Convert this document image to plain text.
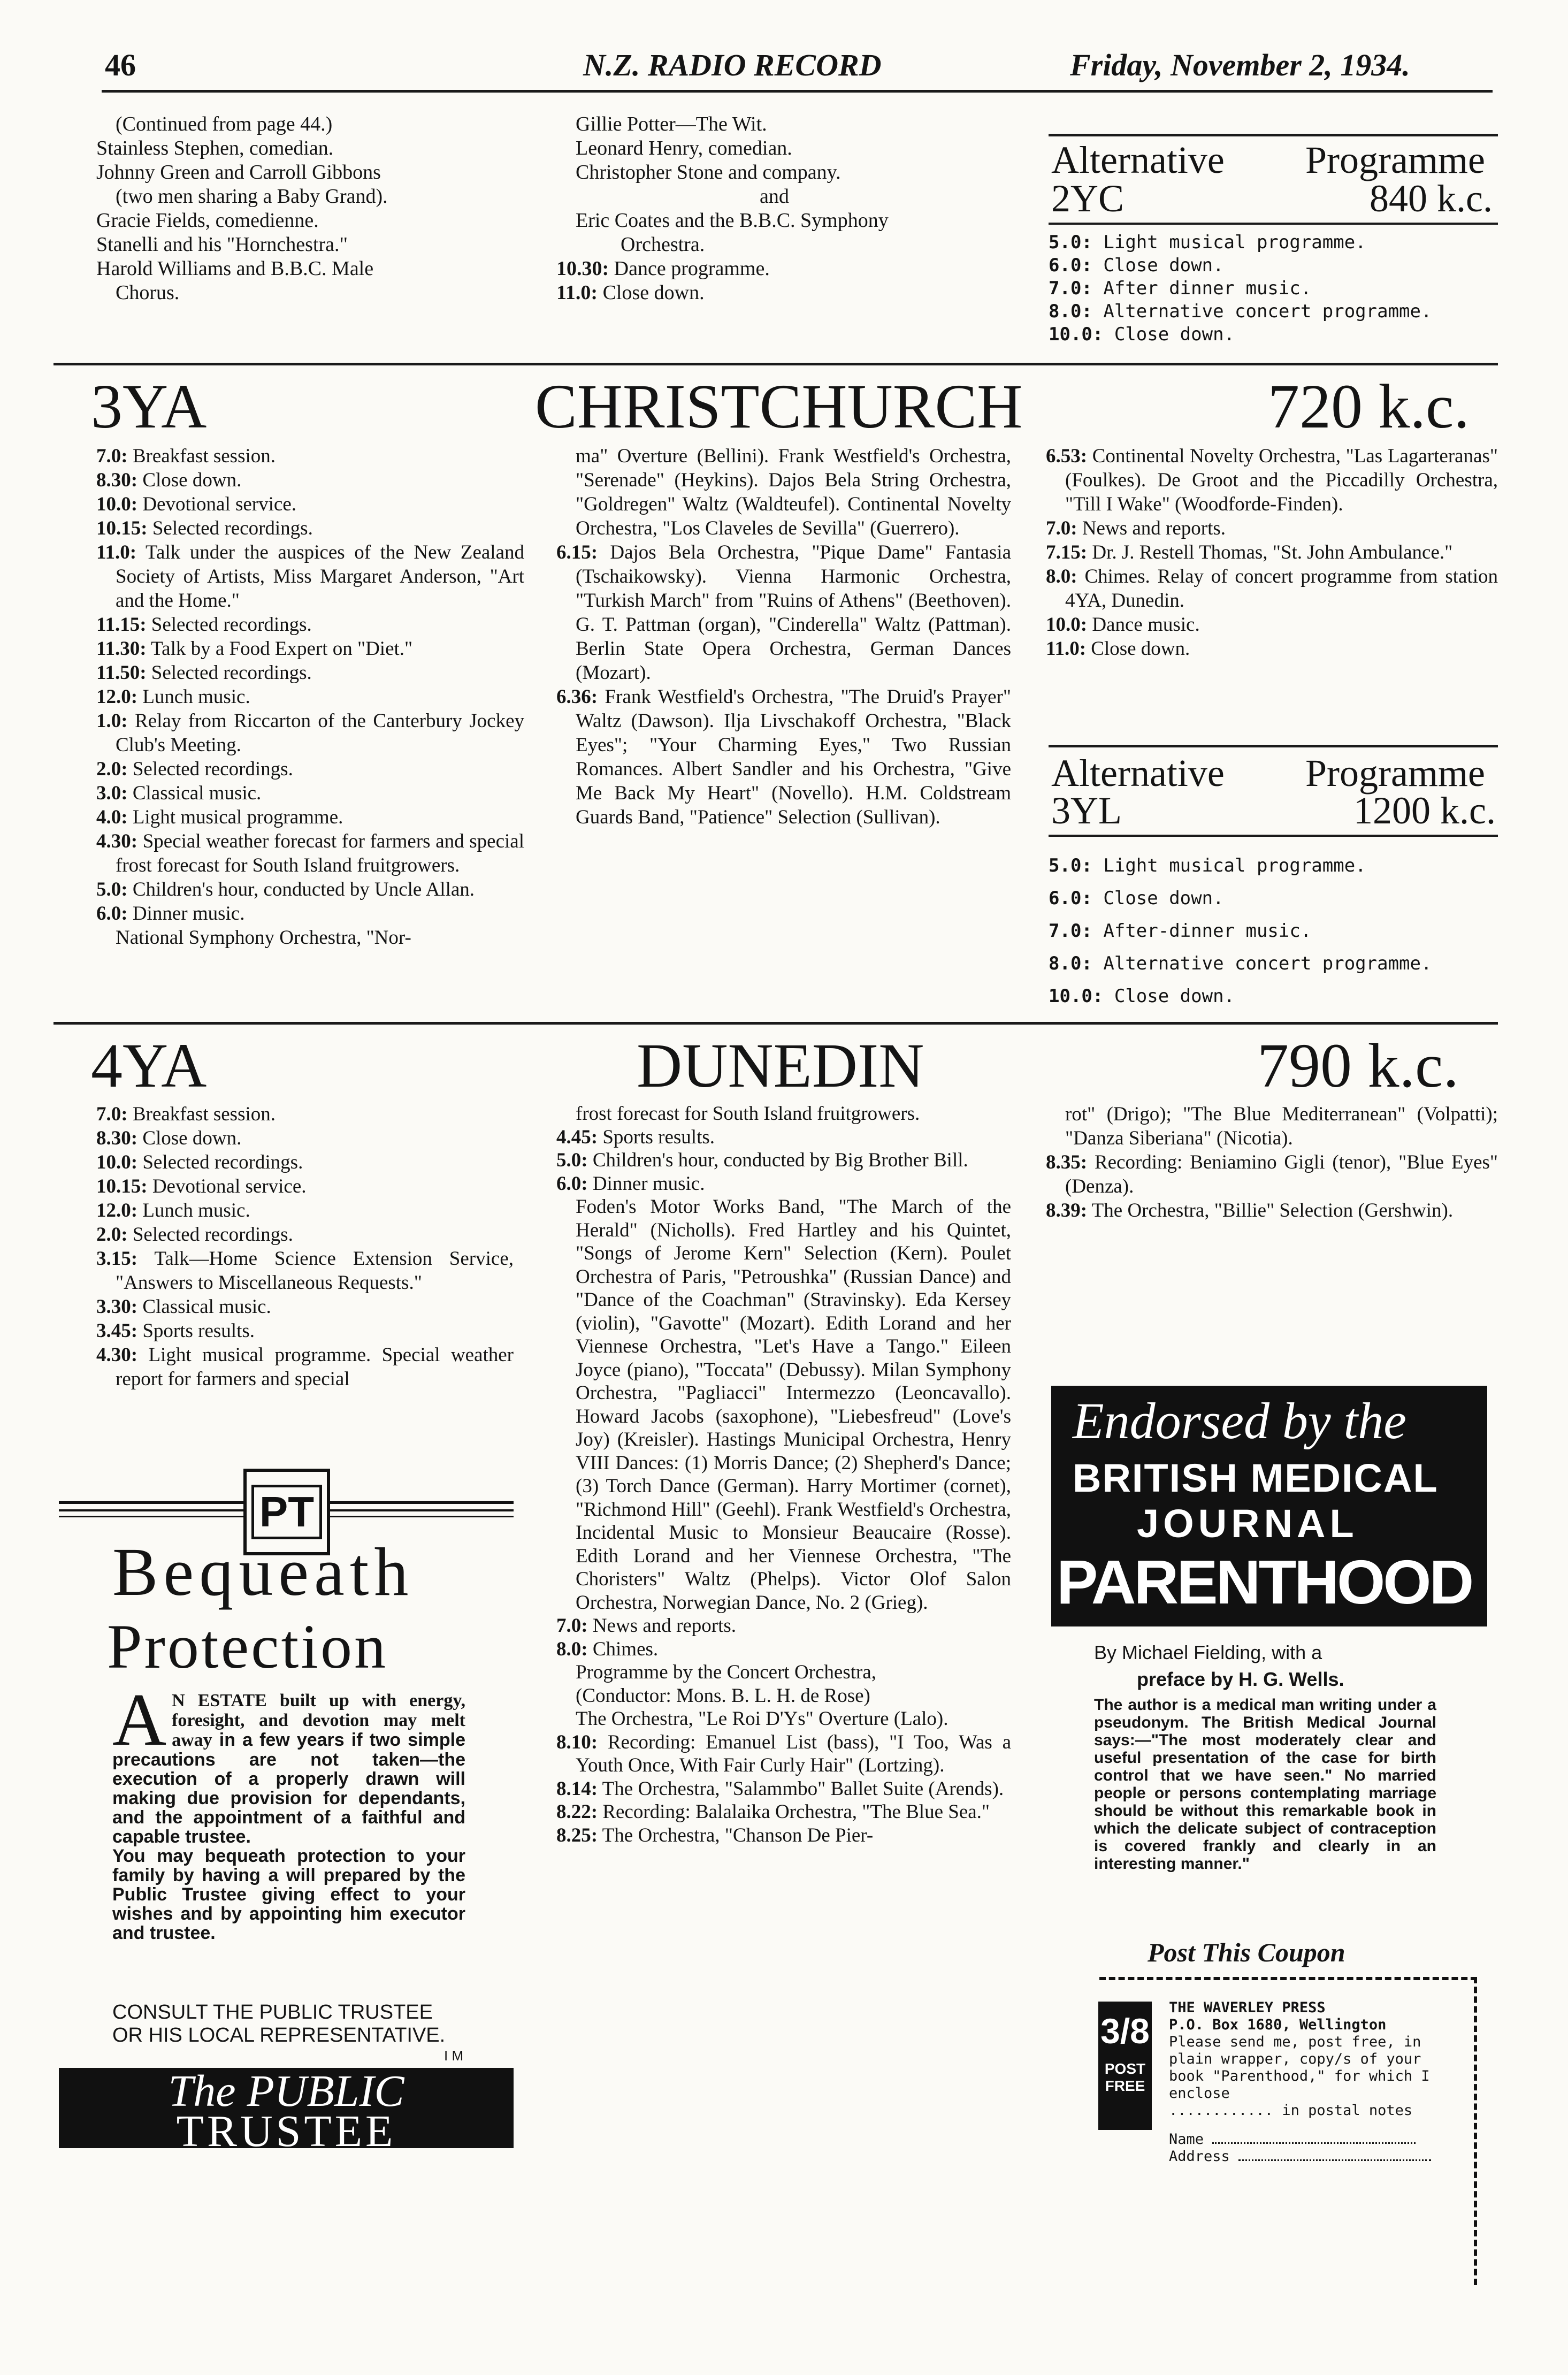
46	N.Z. RADIO RECORD	Friday, November 2, 1934.
(Continued from page 44.)
Stainless Stephen, comedian.
Johnny Green and Carroll Gibbons
(two men sharing a Baby Grand).
Gracie Fields, comedienne.
Stanelli and his "Hornchestra."
Harold Williams and B.B.C. Male
Chorus.
Gillie Potter—The Wit.
Leonard Henry, comedian.
Christopher Stone and company.
and
Eric Coates and the B.B.C. Symphony
Orchestra.
10.30: Dance programme.
11.0: Close down.
Alternative Programme
2YC	840 k.c.
5.0: Light musical programme.
6.0: Close down.
7.0: After dinner music.
8.0: Alternative concert programme.
10.0: Close down.
3YA	CHRISTCHURCH	720 k.c.
7.0: Breakfast session.
8.30: Close down.
10.0: Devotional service.
10.15: Selected recordings.
11.0: Talk under the auspices of the New Zealand Society of Artists, Miss Margaret Anderson, "Art and the Home."
11.15: Selected recordings.
11.30: Talk by a Food Expert on "Diet."
11.50: Selected recordings.
12.0: Lunch music.
1.0: Relay from Riccarton of the Canterbury Jockey Club's Meeting.
2.0: Selected recordings.
3.0: Classical music.
4.0: Light musical programme.
4.30: Special weather forecast for farmers and special frost forecast for South Island fruitgrowers.
5.0: Children's hour, conducted by Uncle Allan.
6.0: Dinner music.
National Symphony Orchestra, "Nor-
ma" Overture (Bellini). Frank Westfield's Orchestra, "Serenade" (Heykins). Dajos Bela String Orchestra, "Goldregen" Waltz (Waldteufel). Continental Novelty Orchestra, "Los Claveles de Sevilla" (Guerrero).
6.15: Dajos Bela Orchestra, "Pique Dame" Fantasia (Tschaikowsky). Vienna Harmonic Orchestra, "Turkish March" from "Ruins of Athens" (Beethoven). G. T. Pattman (organ), "Cinderella" Waltz (Pattman). Berlin State Opera Orchestra, German Dances (Mozart).
6.36: Frank Westfield's Orchestra, "The Druid's Prayer" Waltz (Dawson). Ilja Livschakoff Orchestra, "Black Eyes"; "Your Charming Eyes," Two Russian Romances. Albert Sandler and his Orchestra, "Give Me Back My Heart" (Novello). H.M. Coldstream Guards Band, "Patience" Selection (Sullivan).
6.53: Continental Novelty Orchestra, "Las Lagarteranas" (Foulkes). De Groot and the Piccadilly Orchestra, "Till I Wake" (Woodforde-Finden).
7.0: News and reports.
7.15: Dr. J. Restell Thomas, "St. John Ambulance."
8.0: Chimes. Relay of concert programme from station 4YA, Dunedin.
10.0: Dance music.
11.0: Close down.
Alternative Programme
3YL	1200 k.c.
5.0: Light musical programme.
6.0: Close down.
7.0: After-dinner music.
8.0: Alternative concert programme.
10.0: Close down.
4YA	DUNEDIN	790 k.c.
7.0: Breakfast session.
8.30: Close down.
10.0: Selected recordings.
10.15: Devotional service.
12.0: Lunch music.
2.0: Selected recordings.
3.15: Talk—Home Science Extension Service, "Answers to Miscellaneous Requests."
3.30: Classical music.
3.45: Sports results.
4.30: Light musical programme. Special weather report for farmers and special
frost forecast for South Island fruitgrowers.
4.45: Sports results.
5.0: Children's hour, conducted by Big Brother Bill.
6.0: Dinner music.
Foden's Motor Works Band, "The March of the Herald" (Nicholls). Fred Hartley and his Quintet, "Songs of Jerome Kern" Selection (Kern). Poulet Orchestra of Paris, "Petroushka" (Russian Dance) and "Dance of the Coachman" (Stravinsky). Eda Kersey (violin), "Gavotte" (Mozart). Edith Lorand and her Viennese Orchestra, "Let's Have a Tango." Eileen Joyce (piano), "Toccata" (Debussy). Milan Symphony Orchestra, "Pagliacci" Intermezzo (Leoncavallo). Howard Jacobs (saxophone), "Liebesfreud" (Love's Joy) (Kreisler). Hastings Municipal Orchestra, Henry VIII Dances: (1) Morris Dance; (2) Shepherd's Dance; (3) Torch Dance (German). Harry Mortimer (cornet), "Richmond Hill" (Geehl). Frank Westfield's Orchestra, Incidental Music to Monsieur Beaucaire (Rosse). Edith Lorand and her Viennese Orchestra, "The Choristers" Waltz (Phelps). Victor Olof Salon Orchestra, Norwegian Dance, No. 2 (Grieg).
7.0: News and reports.
8.0: Chimes.
Programme by the Concert Orchestra,
(Conductor: Mons. B. L. H. de Rose)
The Orchestra, "Le Roi D'Ys" Overture (Lalo).
8.10: Recording: Emanuel List (bass), "I Too, Was a Youth Once, With Fair Curly Hair" (Lortzing).
8.14: The Orchestra, "Salammbo" Ballet Suite (Arends).
8.22: Recording: Balalaika Orchestra, "The Blue Sea."
8.25: The Orchestra, "Chanson De Pier-
rot" (Drigo); "The Blue Mediterranean" (Volpatti); "Danza Siberiana" (Nicotia).
8.35: Recording: Beniamino Gigli (tenor), "Blue Eyes" (Denza).
8.39: The Orchestra, "Billie" Selection (Gershwin).
PT
Bequeath
Protection
A N ESTATE built up with energy, foresight, and devotion may melt away in a few years if two simple precautions are not taken—the execution of a properly drawn will making due provision for dependants, and the appointment of a faithful and capable trustee.
You may bequeath protection to your family by having a will prepared by the Public Trustee giving effect to your wishes and by appointing him executor and trustee.
CONSULT THE PUBLIC TRUSTEE
OR HIS LOCAL REPRESENTATIVE.
I M
The PUBLIC
TRUSTEE
Endorsed by the
BRITISH MEDICAL
JOURNAL
PARENTHOOD
By Michael Fielding, with a
preface by H. G. Wells.
The author is a medical man writing under a pseudonym. The British Medical Journal says:—"The most moderately clear and useful presentation of the case for birth control that we have seen." No married people or persons contemplating marriage should be without this remarkable book in which the delicate subject of contraception is covered frankly and clearly in an interesting manner."
Post This Coupon
3/8
POST
FREE
THE WAVERLEY PRESS
P.O. Box 1680, Wellington
Please send me, post free, in plain wrapper, copy/s of your book "Parenthood," for which I enclose
............ in postal notes
Name
Address
